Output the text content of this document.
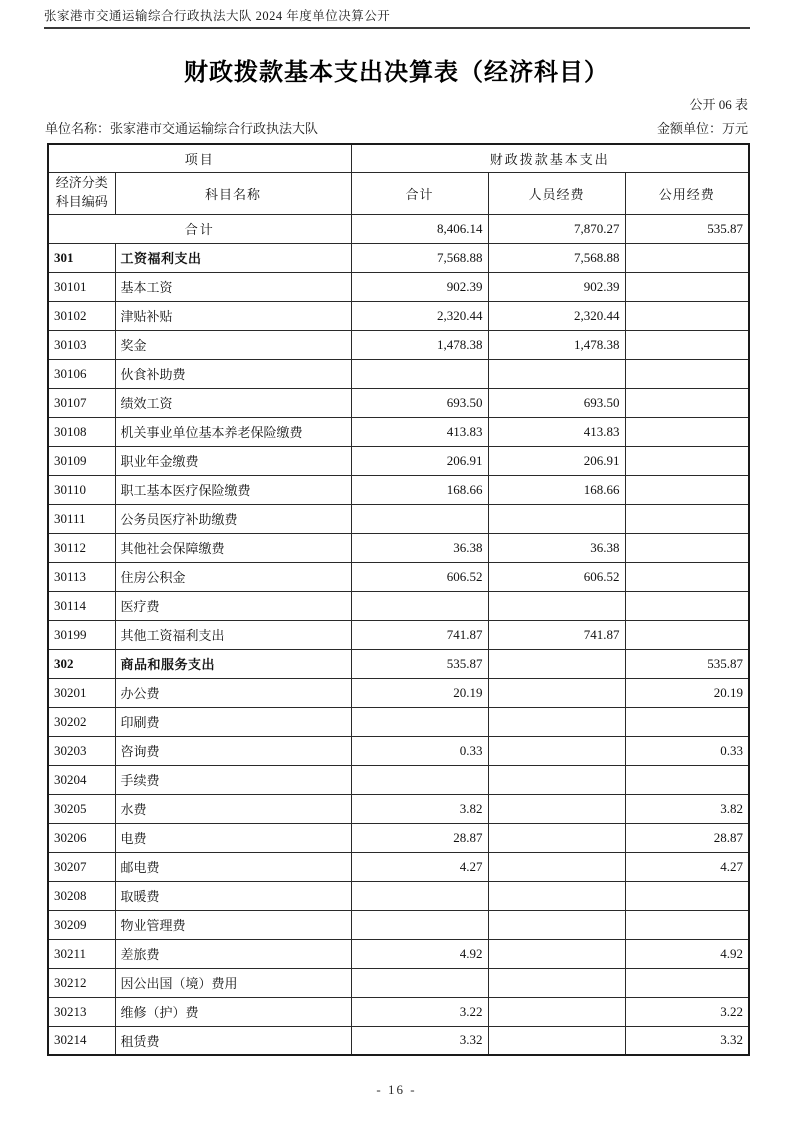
张家港市交通运输综合行政执法大队 2024 年度单位决算公开
财政拨款基本支出决算表（经济科目）
公开 06 表
单位名称：张家港市交通运输综合行政执法大队	金额单位：万元
项目		财政拨款基本支出		
经济分类科目编码	科目名称	合计	人员经费	公用经费
合计		8,406.14	7,870.27	535.87
301	工资福利支出	7,568.88	7,568.88	
30101	基本工资	902.39	902.39	
30102	津贴补贴	2,320.44	2,320.44	
30103	奖金	1,478.38	1,478.38	
30106	伙食补助费			
30107	绩效工资	693.50	693.50	
30108	机关事业单位基本养老保险缴费	413.83	413.83	
30109	职业年金缴费	206.91	206.91	
30110	职工基本医疗保险缴费	168.66	168.66	
30111	公务员医疗补助缴费			
30112	其他社会保障缴费	36.38	36.38	
30113	住房公积金	606.52	606.52	
30114	医疗费			
30199	其他工资福利支出	741.87	741.87	
302	商品和服务支出	535.87		535.87
30201	办公费	20.19		20.19
30202	印刷费			
30203	咨询费	0.33		0.33
30204	手续费			
30205	水费	3.82		3.82
30206	电费	28.87		28.87
30207	邮电费	4.27		4.27
30208	取暖费			
30209	物业管理费			
30211	差旅费	4.92		4.92
30212	因公出国（境）费用			
30213	维修（护）费	3.22		3.22
30214	租赁费	3.32		3.32
- 16 -
